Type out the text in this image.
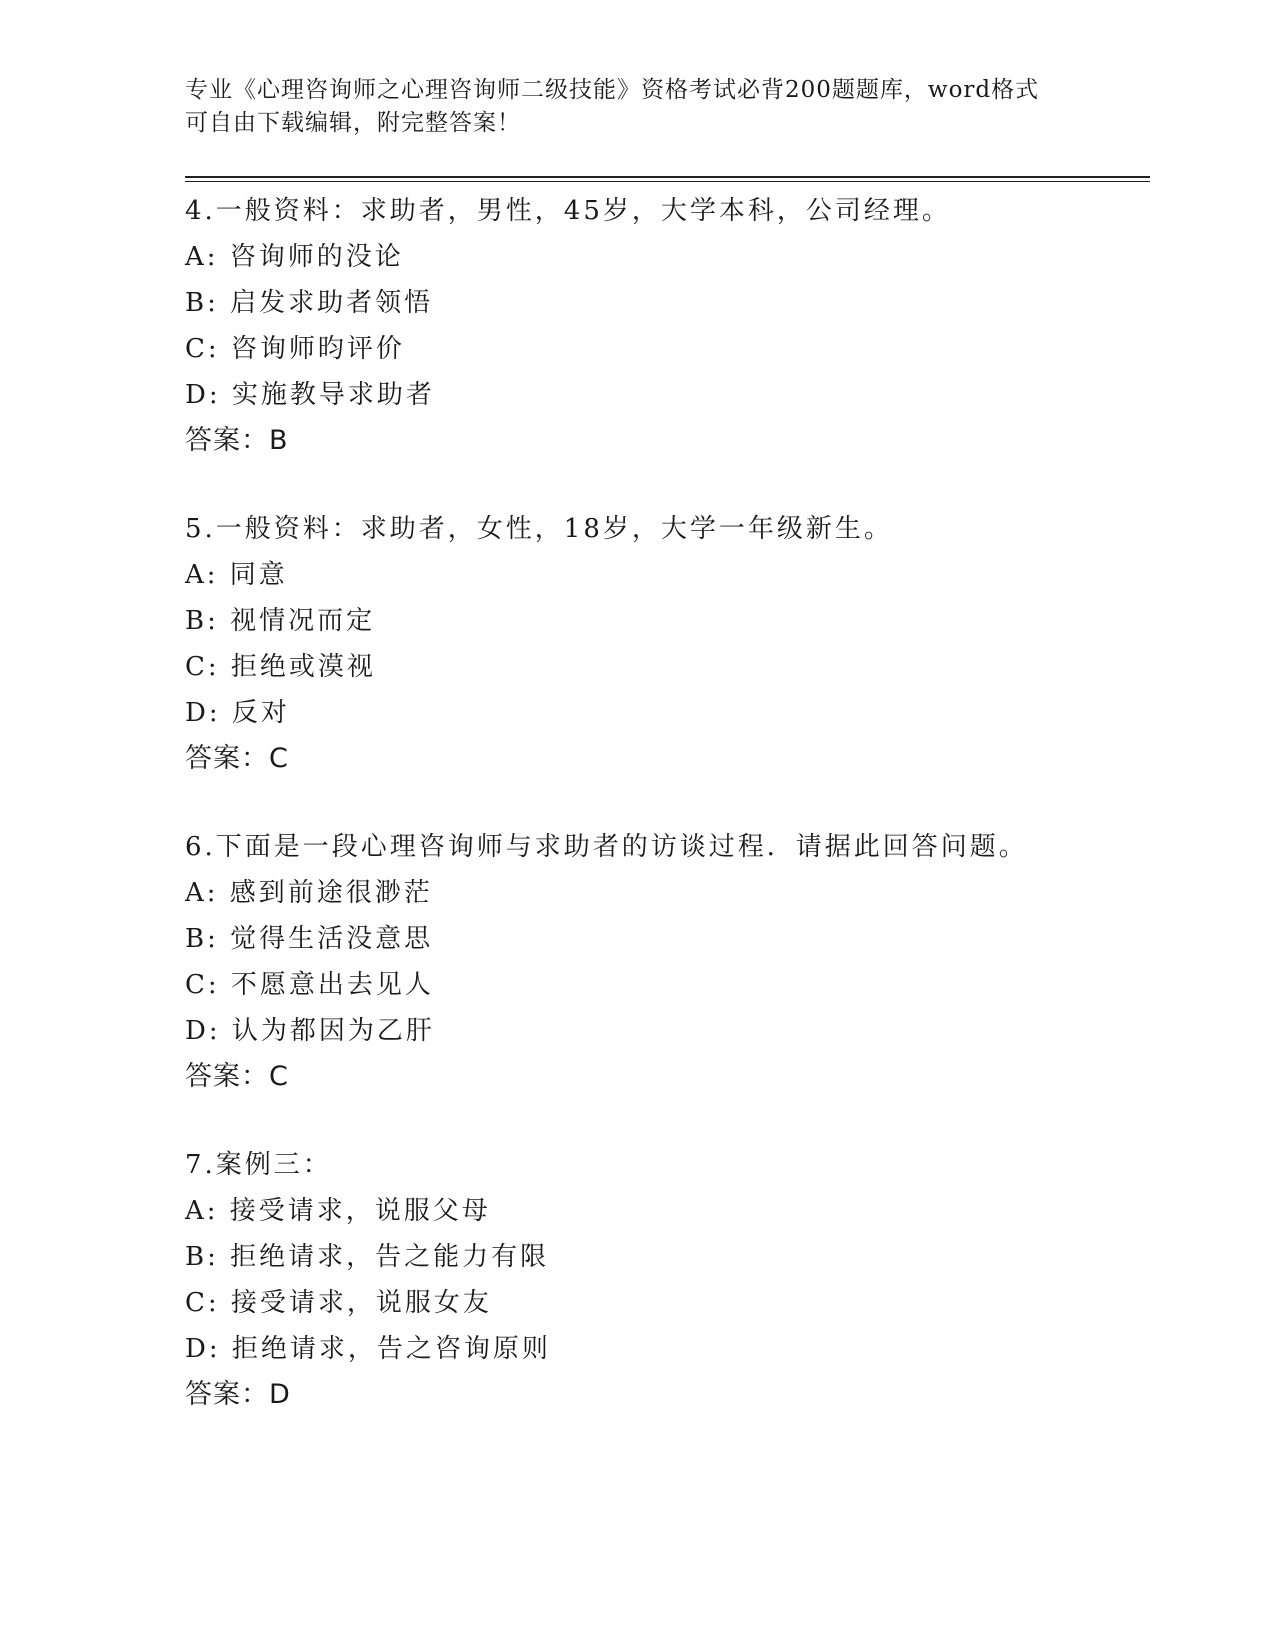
专业《心理咨询师之心理咨询师二级技能》资格考试必背200题题库，word格式
可自由下载编辑，附完整答案！
4.一般资料：求助者，男性，45岁，大学本科，公司经理。
A: 咨询师的没论
B: 启发求助者领悟
C: 咨询师昀评价
D: 实施教导求助者
答案：B
5.一般资料：求助者，女性，18岁，大学一年级新生。
A: 同意
B: 视情况而定
C: 拒绝或漠视
D: 反对
答案：C
6.下面是一段心理咨询师与求助者的访谈过程．请据此回答问题。
A: 感到前途很渺茫
B: 觉得生活没意思
C: 不愿意出去见人
D: 认为都因为乙肝
答案：C
7.案例三：
A: 接受请求，说服父母
B: 拒绝请求，告之能力有限
C: 接受请求，说服女友
D: 拒绝请求，告之咨询原则
答案：D
